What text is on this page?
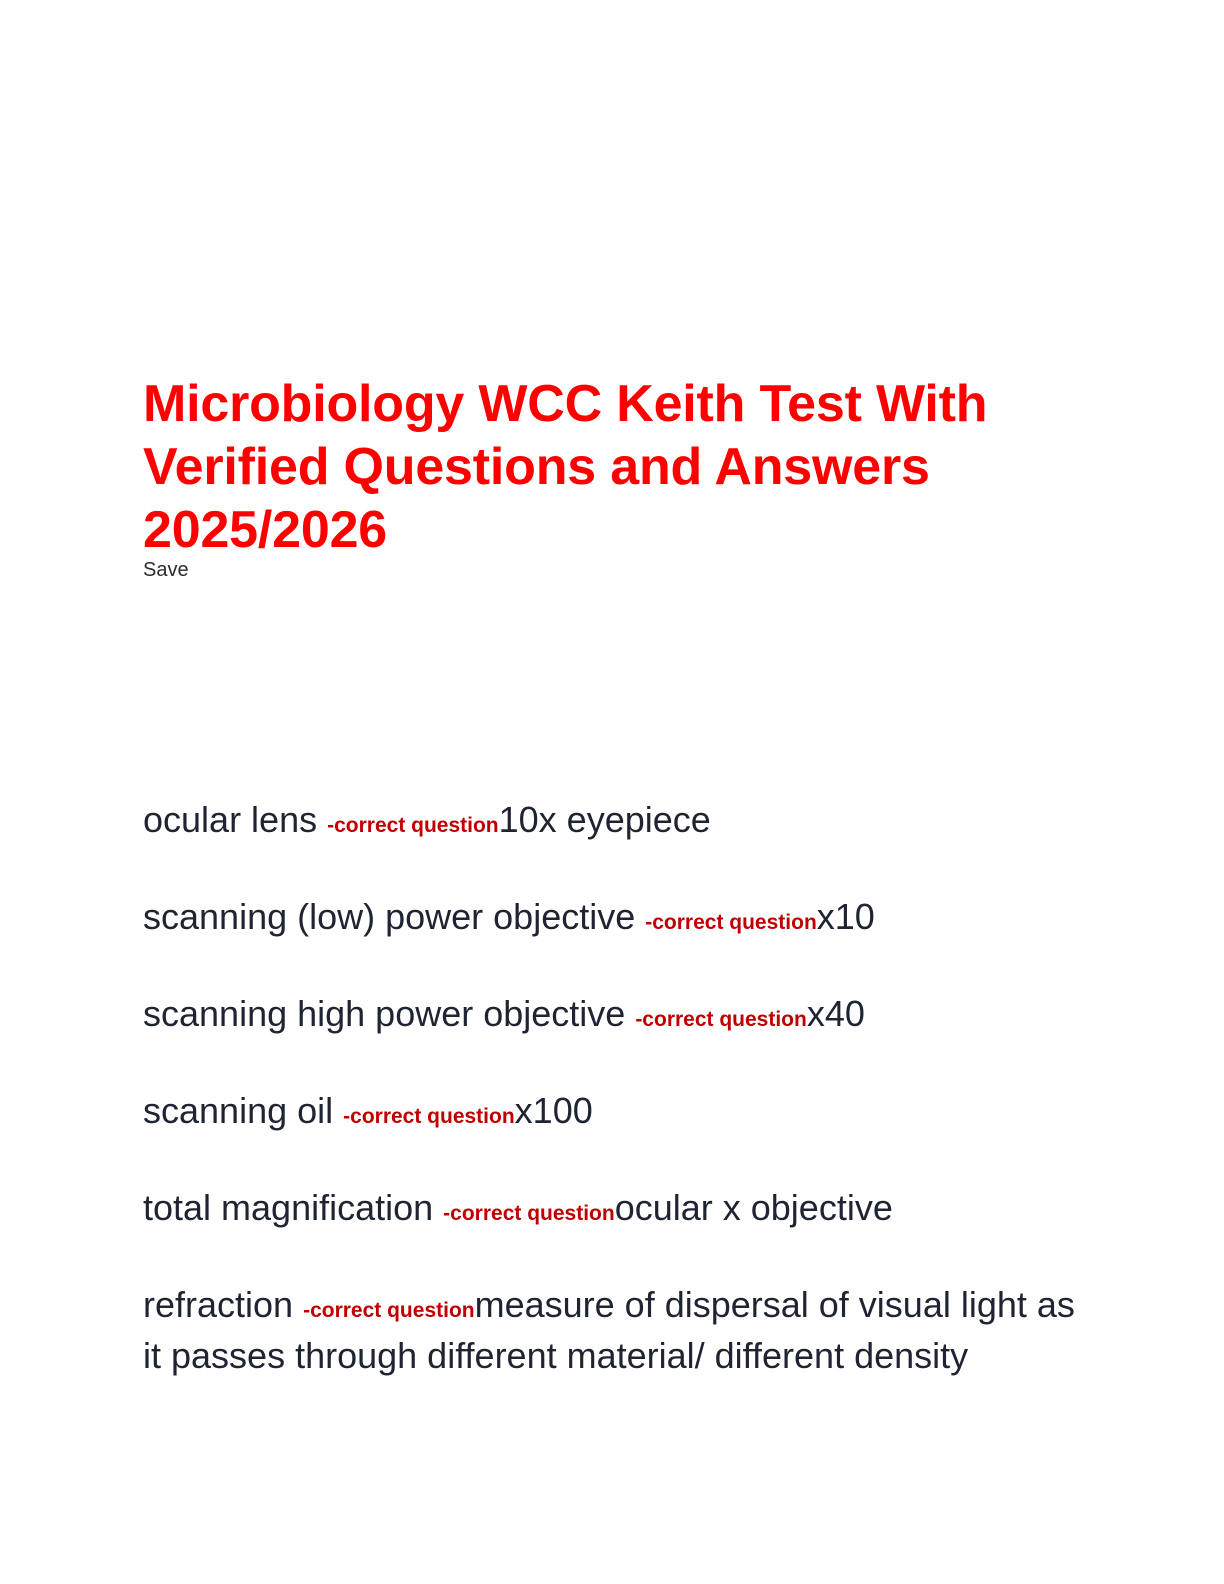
Microbiology WCC Keith Test With Verified Questions and Answers 2025/2026
Save

ocular lens -correct question10x eyepiece

scanning (low) power objective -correct questionx10

scanning high power objective -correct questionx40

scanning oil -correct questionx100

total magnification -correct questionocular x objective

refraction -correct questionmeasure of dispersal of visual light as it passes through different material/ different density
